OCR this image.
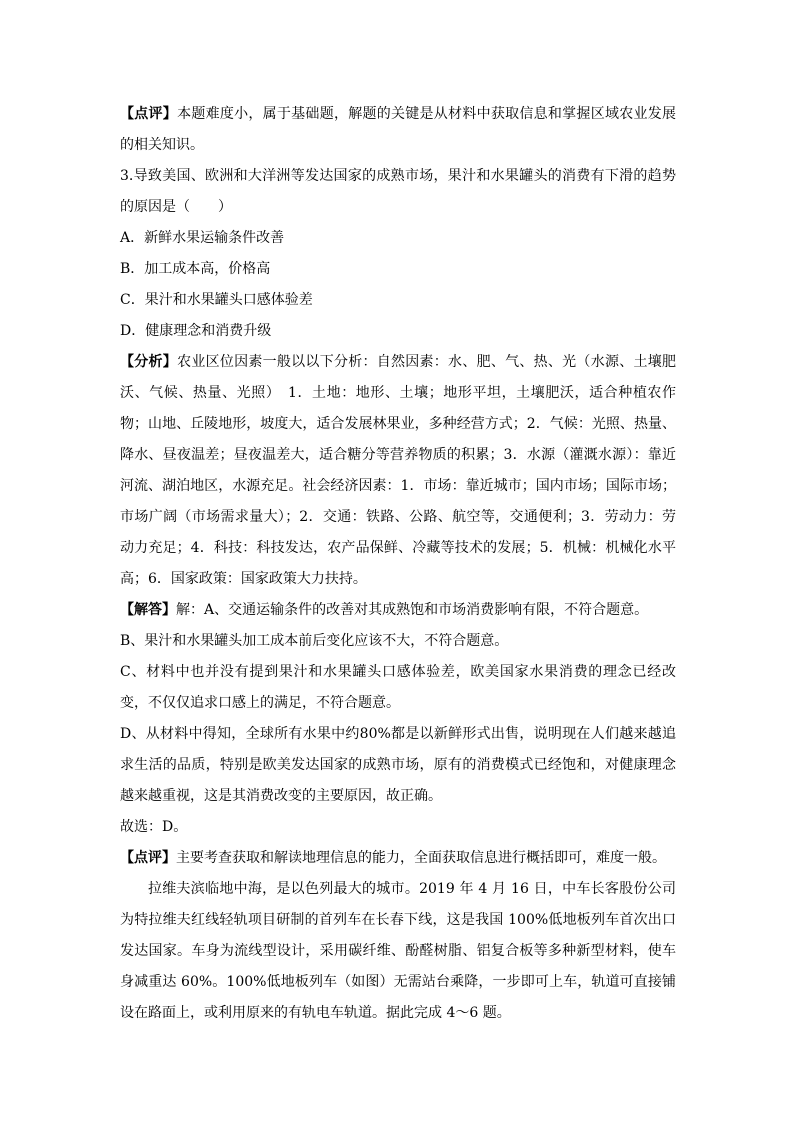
【点评】本题难度小，属于基础题，解题的关键是从材料中获取信息和掌握区域农业发展的相关知识。

3.导致美国、欧洲和大洋洲等发达国家的成熟市场，果汁和水果罐头的消费有下滑的趋势的原因是（　　）

A．新鲜水果运输条件改善

B．加工成本高，价格高

C．果汁和水果罐头口感体验差

D．健康理念和消费升级

【分析】农业区位因素一般以以下分析：自然因素：水、肥、气、热、光（水源、土壤肥沃、气候、热量、光照）　1．土地：地形、土壤；地形平坦，土壤肥沃，适合种植农作物；山地、丘陵地形，坡度大，适合发展林果业，多种经营方式；2．气候：光照、热量、降水、昼夜温差；昼夜温差大，适合糖分等营养物质的积累；3．水源（灌溉水源）：靠近河流、湖泊地区，水源充足。社会经济因素：1．市场：靠近城市；国内市场；国际市场；市场广阔（市场需求量大）；2．交通：铁路、公路、航空等，交通便利；3．劳动力：劳动力充足；4．科技：科技发达，农产品保鲜、冷藏等技术的发展；5．机械：机械化水平高；6．国家政策：国家政策大力扶持。

【解答】解：A、交通运输条件的改善对其成熟饱和市场消费影响有限，不符合题意。

B、果汁和水果罐头加工成本前后变化应该不大，不符合题意。

C、材料中也并没有提到果汁和水果罐头口感体验差，欧美国家水果消费的理念已经改变，不仅仅追求口感上的满足，不符合题意。

D、从材料中得知，全球所有水果中约80%都是以新鲜形式出售，说明现在人们越来越追求生活的品质，特别是欧美发达国家的成熟市场，原有的消费模式已经饱和，对健康理念越来越重视，这是其消费改变的主要原因，故正确。

故选：D。

【点评】主要考查获取和解读地理信息的能力，全面获取信息进行概括即可，难度一般。

拉维夫滨临地中海，是以色列最大的城市。2019 年 4 月 16 日，中车长客股份公司为特拉维夫红线轻轨项目研制的首列车在长春下线，这是我国 100%低地板列车首次出口发达国家。车身为流线型设计，采用碳纤维、酚醛树脂、铝复合板等多种新型材料，使车身减重达 60%。100%低地板列车（如图）无需站台乘降，一步即可上车，轨道可直接铺设在路面上，或利用原来的有轨电车轨道。据此完成 4～6 题。
